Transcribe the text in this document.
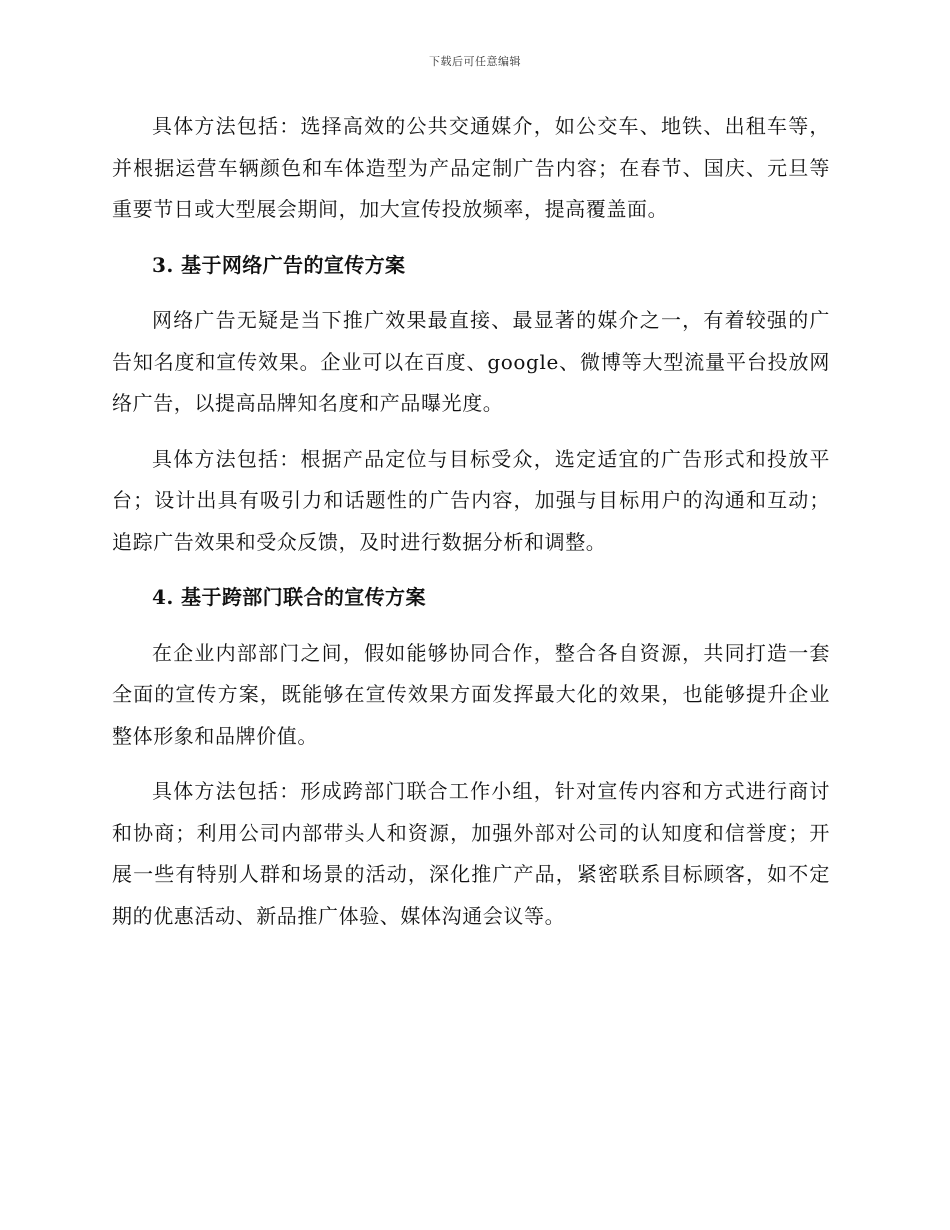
下载后可任意编辑

具体方法包括：选择高效的公共交通媒介，如公交车、地铁、出租车等，并根据运营车辆颜色和车体造型为产品定制广告内容；在春节、国庆、元旦等重要节日或大型展会期间，加大宣传投放频率，提高覆盖面。

3. 基于网络广告的宣传方案

网络广告无疑是当下推广效果最直接、最显著的媒介之一，有着较强的广告知名度和宣传效果。企业可以在百度、google、微博等大型流量平台投放网络广告，以提高品牌知名度和产品曝光度。

具体方法包括：根据产品定位与目标受众，选定适宜的广告形式和投放平台；设计出具有吸引力和话题性的广告内容，加强与目标用户的沟通和互动；追踪广告效果和受众反馈，及时进行数据分析和调整。

4. 基于跨部门联合的宣传方案

在企业内部部门之间，假如能够协同合作，整合各自资源，共同打造一套全面的宣传方案，既能够在宣传效果方面发挥最大化的效果，也能够提升企业整体形象和品牌价值。

具体方法包括：形成跨部门联合工作小组，针对宣传内容和方式进行商讨和协商；利用公司内部带头人和资源，加强外部对公司的认知度和信誉度；开展一些有特别人群和场景的活动，深化推广产品，紧密联系目标顾客，如不定期的优惠活动、新品推广体验、媒体沟通会议等。
